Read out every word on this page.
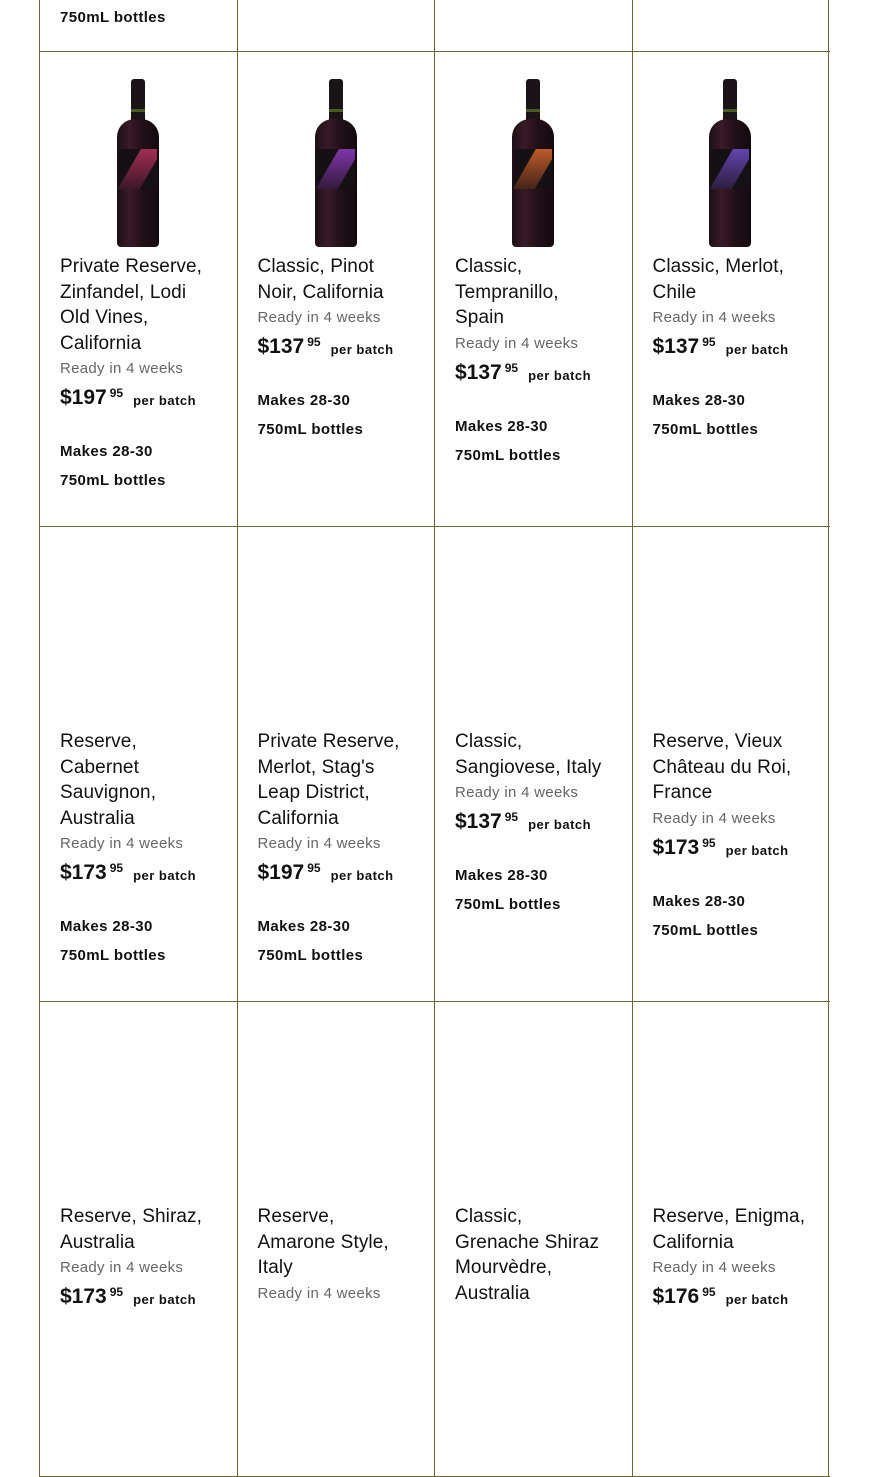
750mL bottles
Private Reserve, Zinfandel, Lodi Old Vines, California
Ready in 4 weeks
$197 95 per batch
Makes 28-30
750mL bottles
Classic, Pinot Noir, California
Ready in 4 weeks
$137 95 per batch
Makes 28-30
750mL bottles
Classic, Tempranillo, Spain
Ready in 4 weeks
$137 95 per batch
Makes 28-30
750mL bottles
Classic, Merlot, Chile
Ready in 4 weeks
$137 95 per batch
Makes 28-30
750mL bottles
Reserve, Cabernet Sauvignon, Australia
Ready in 4 weeks
$173 95 per batch
Makes 28-30
750mL bottles
Private Reserve, Merlot, Stag's Leap District, California
Ready in 4 weeks
$197 95 per batch
Makes 28-30
750mL bottles
Classic, Sangiovese, Italy
Ready in 4 weeks
$137 95 per batch
Makes 28-30
750mL bottles
Reserve, Vieux Château du Roi, France
Ready in 4 weeks
$173 95 per batch
Makes 28-30
750mL bottles
Reserve, Shiraz, Australia
Ready in 4 weeks
$173 95 per batch
Reserve, Amarone Style, Italy
Ready in 4 weeks
Classic, Grenache Shiraz Mourvèdre, Australia
Reserve, Enigma, California
Ready in 4 weeks
$176 95 per batch
